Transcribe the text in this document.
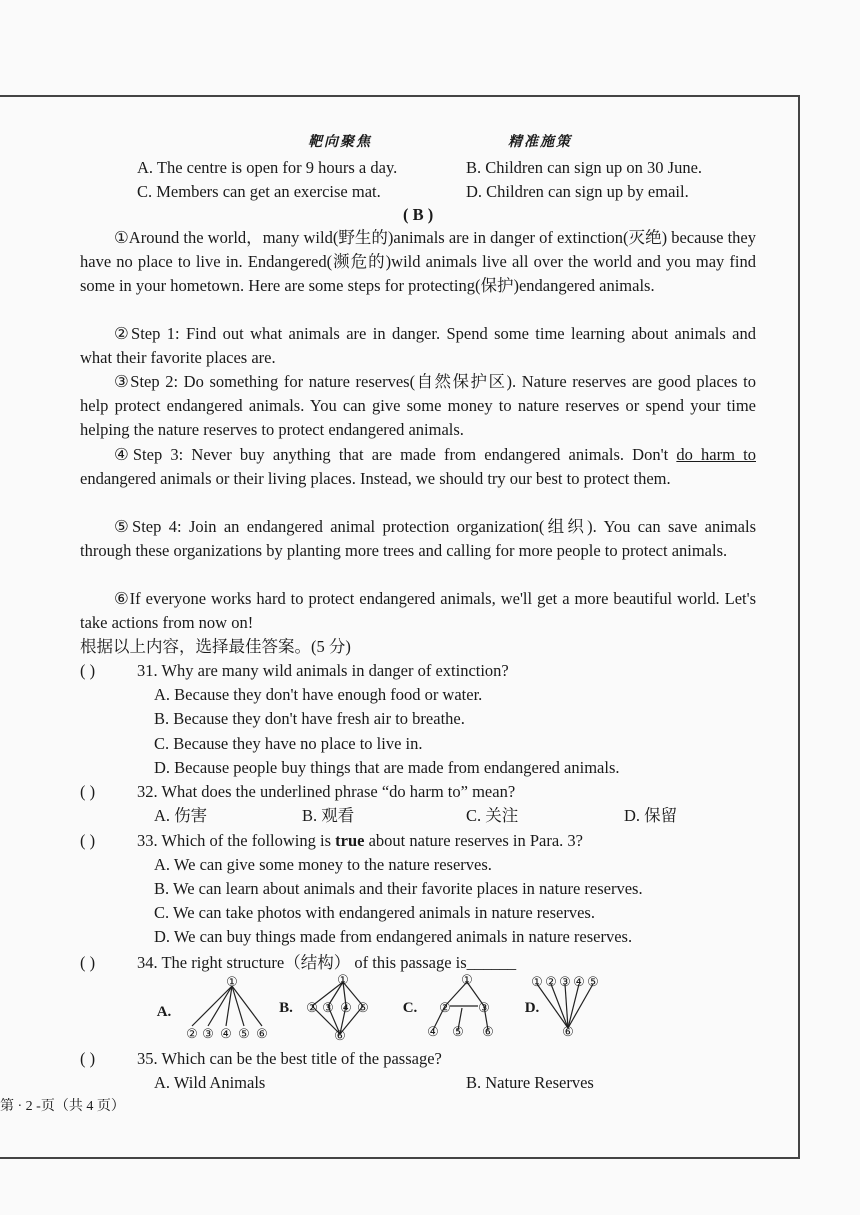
靶向聚焦	精准施策
A. The centre is open for 9 hours a day.	B. Children can sign up on 30 June.
C. Members can get an exercise mat.	D. Children can sign up by email.
( B )
①Around the world，many wild(野生的)animals are in danger of extinction(灭绝) because they have no place to live in. Endangered(濒危的)wild animals live all over the world and you may find some in your hometown. Here are some steps for protecting(保护)endangered animals.
②Step 1: Find out what animals are in danger. Spend some time learning about animals and what their favorite places are.
③Step 2: Do something for nature reserves(自然保护区). Nature reserves are good places to help protect endangered animals. You can give some money to nature reserves or spend your time helping the nature reserves to protect endangered animals.
④Step 3: Never buy anything that are made from endangered animals. Don't do harm to endangered animals or their living places. Instead, we should try our best to protect them.
⑤Step 4: Join an endangered animal protection organization(组织). You can save animals through these organizations by planting more trees and calling for more people to protect animals.
⑥If everyone works hard to protect endangered animals, we'll get a more beautiful world. Let's take actions from now on!
根据以上内容，选择最佳答案。(5 分)
( )	31. Why are many wild animals in danger of extinction?
A. Because they don't have enough food or water.
B. Because they don't have fresh air to breathe.
C. Because they have no place to live in.
D. Because people buy things that are made from endangered animals.
( )	32. What does the underlined phrase “do harm to” mean?
A. 伤害	B. 观看	C. 关注	D. 保留
( )	33. Which of the following is true about nature reserves in Para. 3?
A. We can give some money to the nature reserves.
B. We can learn about animals and their favorite places in nature reserves.
C. We can take photos with endangered animals in nature reserves.
D. We can buy things made from endangered animals in nature reserves.
( )	34. The right structure（结构） of this passage is______
A.
①
② ③ ④ ⑤ ⑥
B.
①
② ③ ④ ⑤
⑥
C.
①
② ③
④ ⑤ ⑥
D.
① ② ③ ④ ⑤
⑥
( )	35. Which can be the best title of the passage?
A. Wild Animals	B. Nature Reserves
第 · 2 -页（共 4 页）
